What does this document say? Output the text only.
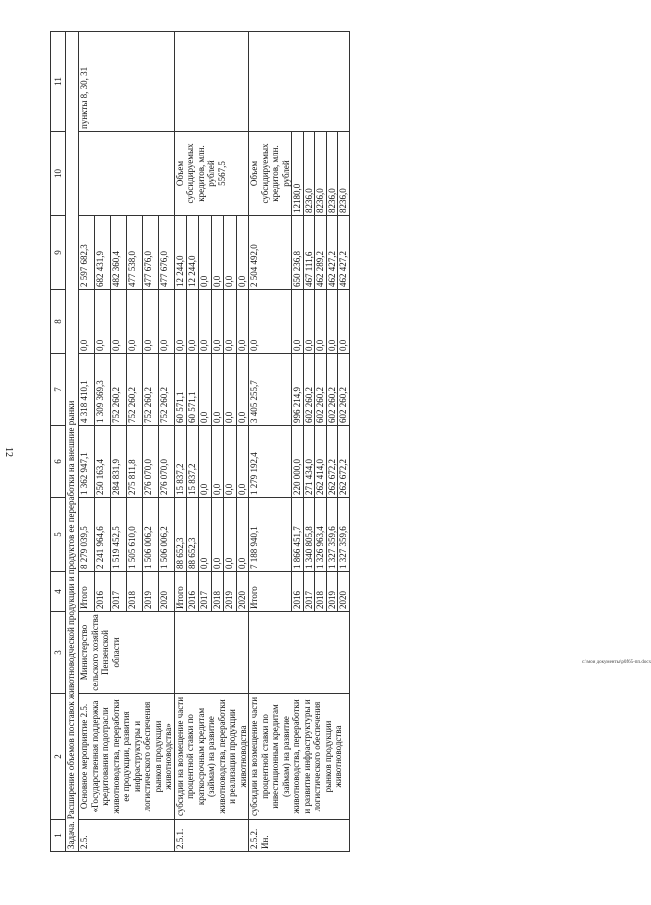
12
1	2	3	4	5	6	7	8	9	10	11
Задача. Расширение объемов поставок животноводческой продукции и продуктов ее переработки на внешние рынки										
2.5.	Основное мероприятие 2.5. «Государственная поддержка кредитования подотрасли животноводства, переработки ее продукции, развития инфраструктуры и логистического обеспечения рынков продукции животноводства»	Министерство сельского хозяйства Пензенской области	Итого	8 279 039,5	1 362 947,1	4 318 410,1	0,0	2 597 682,3		пункты 8, 30, 31
			2016	2 241 964,6	250 163,4	1 309 369,3	0,0	682 431,9		
			2017	1 519 452,5	284 831,9	752 260,2	0,0	482 360,4		
			2018	1 505 610,0	275 811,8	752 260,2	0,0	477 538,0		
			2019	1 506 006,2	276 070,0	752 260,2	0,0	477 676,0		
			2020	1 506 006,2	276 070,0	752 260,2	0,0	477 676,0		
2.5.1.	субсидии на возмещение части процентной ставки по краткосрочным кредитам (займам) на развитие животноводства, переработки и реализации продукции животноводства		Итого	88 652,3	15 837,2	60 571,1	0,0	12 244,0	Объем субсидируемых кредитов, млн. рублей 5567,5	

			2016	88 652,3	15 837,2	60 571,1	0,0	12 244,0		
			2017	0,0	0,0	0,0	0,0	0,0		
			2018	0,0	0,0	0,0	0,0	0,0		
			2019	0,0	0,0	0,0	0,0	0,0		
			2020	0,0	0,0	0,0	0,0	0,0		
2.5.2. Ин.	субсидии на возмещение части процентной ставки по инвестиционным кредитам (займам) на развитие животноводства, переработки и развитие инфраструктуры и логистического обеспечения рынков продукции животноводства		Итого	7 188 940,1	1 279 192,4	3 405 255,7	0,0	2 504 492,0	Объем субсидируемых кредитов, млн. рублей	
			2016	1 866 451,7	220 000,0	996 214,9	0,0	650 236,8	12180,0	
			2017	1 340 805,8	271 434,0	602 260,2	0,0	467 111,6	8236,0	
			2018	1 326 963,4	262 414,0	602 260,2	0,0	462 289,2	8236,0	
			2019	1 327 359,6	262 672,2	602 260,2	0,0	462 427,2	8236,0	
			2020	1 327 359,6	262 672,2	602 260,2	0,0	462 427,2	8236,0	
c:\мои документы\р0f65-пп.docx
